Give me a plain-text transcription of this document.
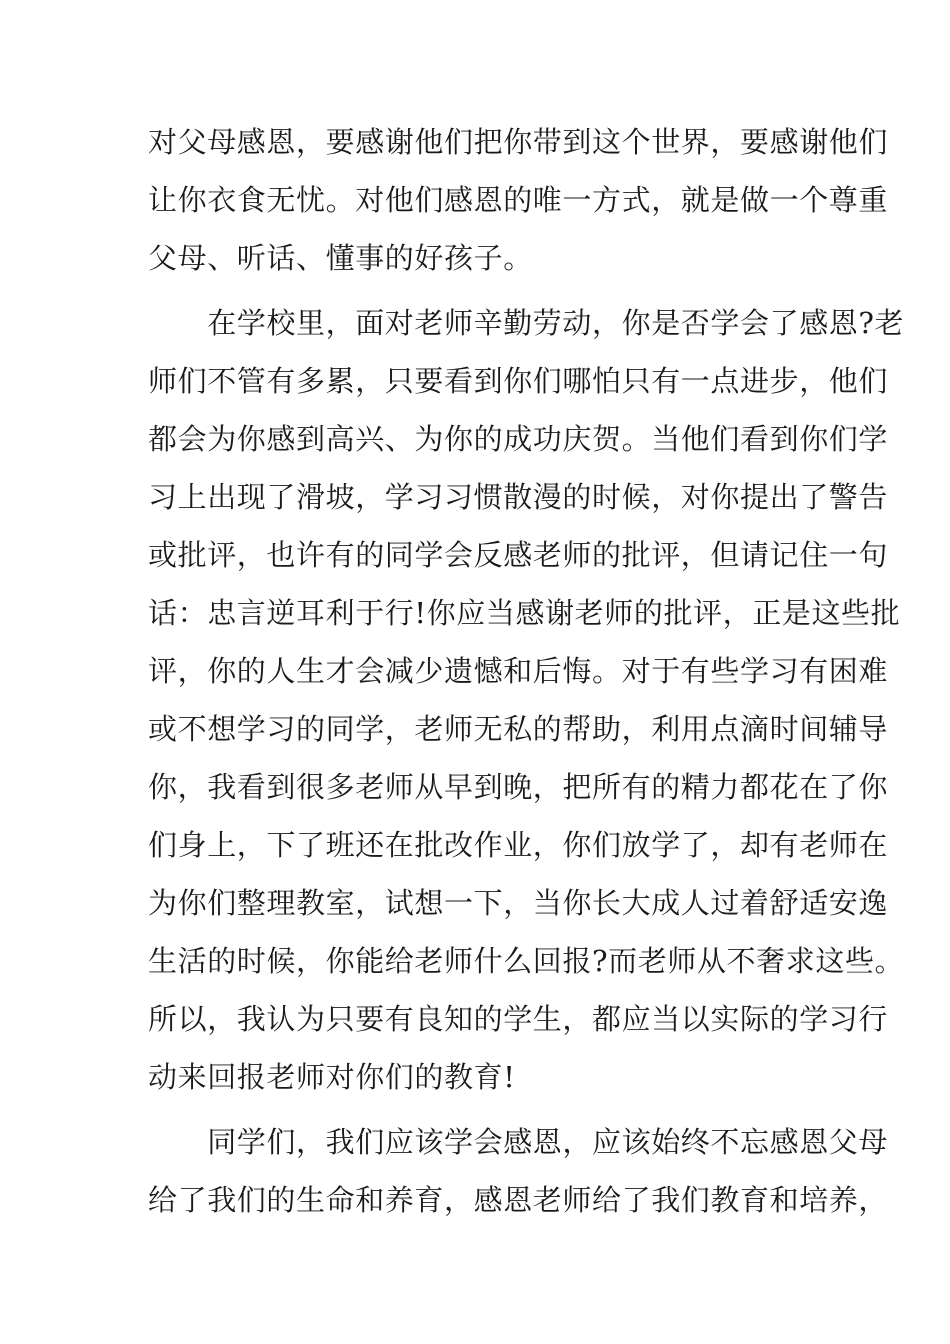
对父母感恩，要感谢他们把你带到这个世界，要感谢他们
让你衣食无忧。对他们感恩的唯一方式，就是做一个尊重
父母、听话、懂事的好孩子。
　　在学校里，面对老师辛勤劳动，你是否学会了感恩?老
师们不管有多累，只要看到你们哪怕只有一点进步，他们
都会为你感到高兴、为你的成功庆贺。当他们看到你们学
习上出现了滑坡，学习习惯散漫的时候，对你提出了警告
或批评，也许有的同学会反感老师的批评，但请记住一句
话：忠言逆耳利于行!你应当感谢老师的批评，正是这些批
评，你的人生才会减少遗憾和后悔。对于有些学习有困难
或不想学习的同学，老师无私的帮助，利用点滴时间辅导
你，我看到很多老师从早到晚，把所有的精力都花在了你
们身上，下了班还在批改作业，你们放学了，却有老师在
为你们整理教室，试想一下，当你长大成人过着舒适安逸
生活的时候，你能给老师什么回报?而老师从不奢求这些。
所以，我认为只要有良知的学生，都应当以实际的学习行
动来回报老师对你们的教育!
　　同学们，我们应该学会感恩，应该始终不忘感恩父母
给了我们的生命和养育，感恩老师给了我们教育和培养，
